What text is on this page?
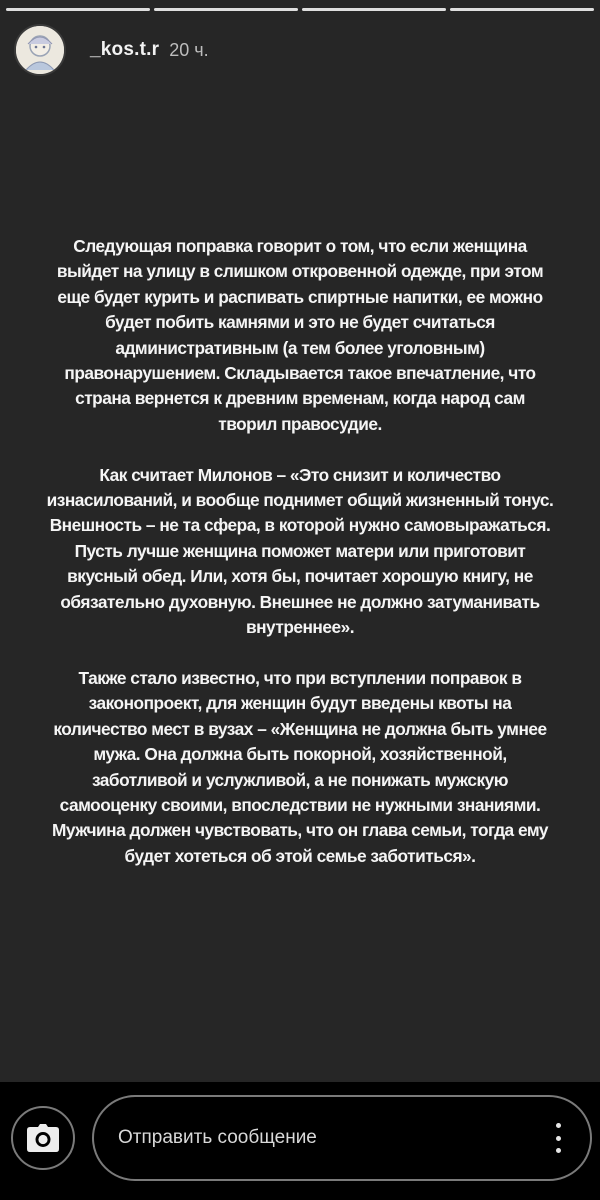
_kos.t.r 20 ч.

Следующая поправка говорит о том, что если женщина
выйдет на улицу в слишком откровенной одежде, при этом
еще будет курить и распивать спиртные напитки, ее можно
будет побить камнями и это не будет считаться
административным (а тем более уголовным)
правонарушением. Складывается такое впечатление, что
страна вернется к древним временам, когда народ сам
творил правосудие.

Как считает Милонов – «Это снизит и количество
изнасилований, и вообще поднимет общий жизненный тонус.
Внешность – не та сфера, в которой нужно самовыражаться.
Пусть лучше женщина поможет матери или приготовит
вкусный обед. Или, хотя бы, почитает хорошую книгу, не
обязательно духовную. Внешнее не должно затуманивать
внутреннее».

Также стало известно, что при вступлении поправок в
законопроект, для женщин будут введены квоты на
количество мест в вузах – «Женщина не должна быть умнее
мужа. Она должна быть покорной, хозяйственной,
заботливой и услужливой, а не понижать мужскую
самооценку своими, впоследствии не нужными знаниями.
Мужчина должен чувствовать, что он глава семьи, тогда ему
будет хотеться об этой семье заботиться».

Отправить сообщение
